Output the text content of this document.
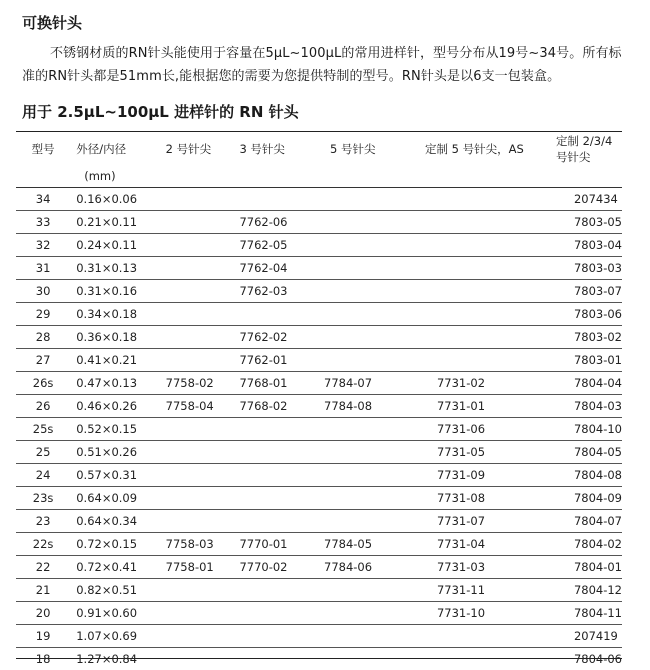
可换针头

不锈钢材质的RN针头能使用于容量在5µL~100µL的常用进样针，型号分布从19号~34号。所有标准的RN针头都是51mm长,能根据您的需要为您提供特制的型号。RN针头是以6支一包装盒。

用于 2.5µL~100µL 进样针的 RN 针头
型号	外径/内径	2 号针尖	3 号针尖	5 号针尖	定制 5 号针尖，AS	定制 2/3/4 号针尖
	(mm)					
34	0.16×0.06					207434
33	0.21×0.11		7762-06			7803-05
32	0.24×0.11		7762-05			7803-04
31	0.31×0.13		7762-04			7803-03
30	0.31×0.16		7762-03			7803-07
29	0.34×0.18					7803-06
28	0.36×0.18		7762-02			7803-02
27	0.41×0.21		7762-01			7803-01
26s	0.47×0.13	7758-02	7768-01	7784-07	7731-02	7804-04
26	0.46×0.26	7758-04	7768-02	7784-08	7731-01	7804-03
25s	0.52×0.15				7731-06	7804-10
25	0.51×0.26				7731-05	7804-05
24	0.57×0.31				7731-09	7804-08
23s	0.64×0.09				7731-08	7804-09
23	0.64×0.34				7731-07	7804-07
22s	0.72×0.15	7758-03	7770-01	7784-05	7731-04	7804-02
22	0.72×0.41	7758-01	7770-02	7784-06	7731-03	7804-01
21	0.82×0.51				7731-11	7804-12
20	0.91×0.60				7731-10	7804-11
19	1.07×0.69					207419
18	1.27×0.84					7804-06
